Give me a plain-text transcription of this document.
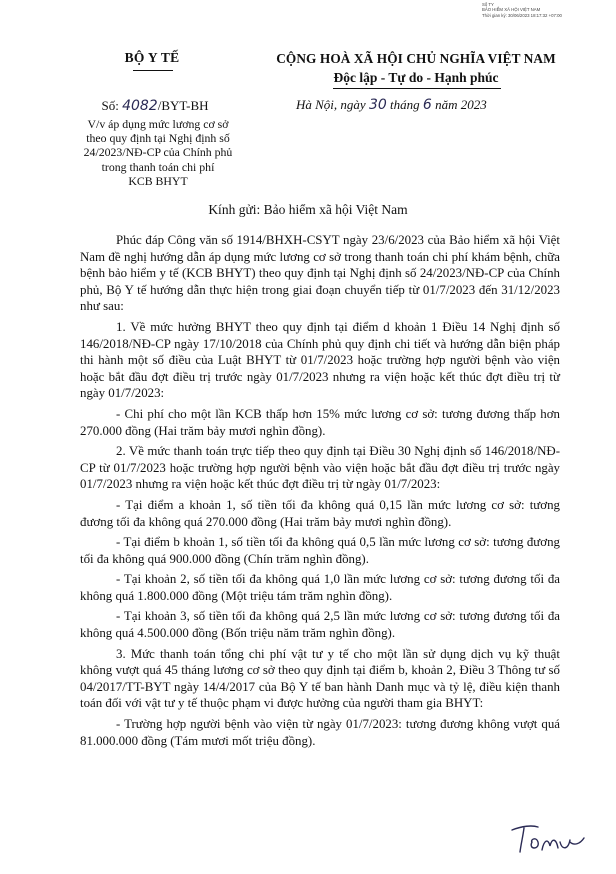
Số TY
BẢO HIỂM XÃ HỘI VIỆT NAM
Thời gian ký: 30/06/2023 18:17:32 +07:00
BỘ Y TẾ	CỘNG HOÀ XÃ HỘI CHỦ NGHĨA VIỆT NAM
Độc lập - Tự do - Hạnh phúc
Số: 4082/BYT-BH
V/v áp dụng mức lương cơ sở
theo quy định tại Nghị định số
24/2023/NĐ-CP của Chính phủ
trong thanh toán chi phí
KCB BHYT
Hà Nội, ngày 30 tháng 6 năm 2023
Kính gửi: Bảo hiểm xã hội Việt Nam

Phúc đáp Công văn số 1914/BHXH-CSYT ngày 23/6/2023 của Bảo hiểm xã hội Việt Nam đề nghị hướng dẫn áp dụng mức lương cơ sở trong thanh toán chi phí khám bệnh, chữa bệnh bảo hiểm y tế (KCB BHYT) theo quy định tại Nghị định số 24/2023/NĐ-CP của Chính phủ, Bộ Y tế hướng dẫn thực hiện trong giai đoạn chuyển tiếp từ 01/7/2023 đến 31/12/2023 như sau:

1. Về mức hưởng BHYT theo quy định tại điểm d khoản 1 Điều 14 Nghị định số 146/2018/NĐ-CP ngày 17/10/2018 của Chính phủ quy định chi tiết và hướng dẫn biện pháp thi hành một số điều của Luật BHYT từ 01/7/2023 hoặc trường hợp người bệnh vào viện hoặc bắt đầu đợt điều trị trước ngày 01/7/2023 nhưng ra viện hoặc kết thúc đợt điều trị từ ngày 01/7/2023:

- Chi phí cho một lần KCB thấp hơn 15% mức lương cơ sở: tương đương thấp hơn 270.000 đồng (Hai trăm bảy mươi nghìn đồng).

2. Về mức thanh toán trực tiếp theo quy định tại Điều 30 Nghị định số 146/2018/NĐ-CP từ 01/7/2023 hoặc trường hợp người bệnh vào viện hoặc bắt đầu đợt điều trị trước ngày 01/7/2023 nhưng ra viện hoặc kết thúc đợt điều trị từ ngày 01/7/2023:

- Tại điểm a khoản 1, số tiền tối đa không quá 0,15 lần mức lương cơ sở: tương đương tối đa không quá 270.000 đồng (Hai trăm bảy mươi nghìn đồng).

- Tại điểm b khoản 1, số tiền tối đa không quá 0,5 lần mức lương cơ sở: tương đương tối đa không quá 900.000 đồng (Chín trăm nghìn đồng).

- Tại khoản 2, số tiền tối đa không quá 1,0 lần mức lương cơ sở: tương đương tối đa không quá 1.800.000 đồng (Một triệu tám trăm nghìn đồng).

- Tại khoản 3, số tiền tối đa không quá 2,5 lần mức lương cơ sở: tương đương tối đa không quá 4.500.000 đồng (Bốn triệu năm trăm nghìn đồng).

3. Mức thanh toán tổng chi phí vật tư y tế cho một lần sử dụng dịch vụ kỹ thuật không vượt quá 45 tháng lương cơ sở theo quy định tại điểm b, khoản 2, Điều 3 Thông tư số 04/2017/TT-BYT ngày 14/4/2017 của Bộ Y tế ban hành Danh mục và tỷ lệ, điều kiện thanh toán đối với vật tư y tế thuộc phạm vi được hưởng của người tham gia BHYT:

- Trường hợp người bệnh vào viện từ ngày 01/7/2023: tương đương không vượt quá 81.000.000 đồng (Tám mươi mốt triệu đồng).
